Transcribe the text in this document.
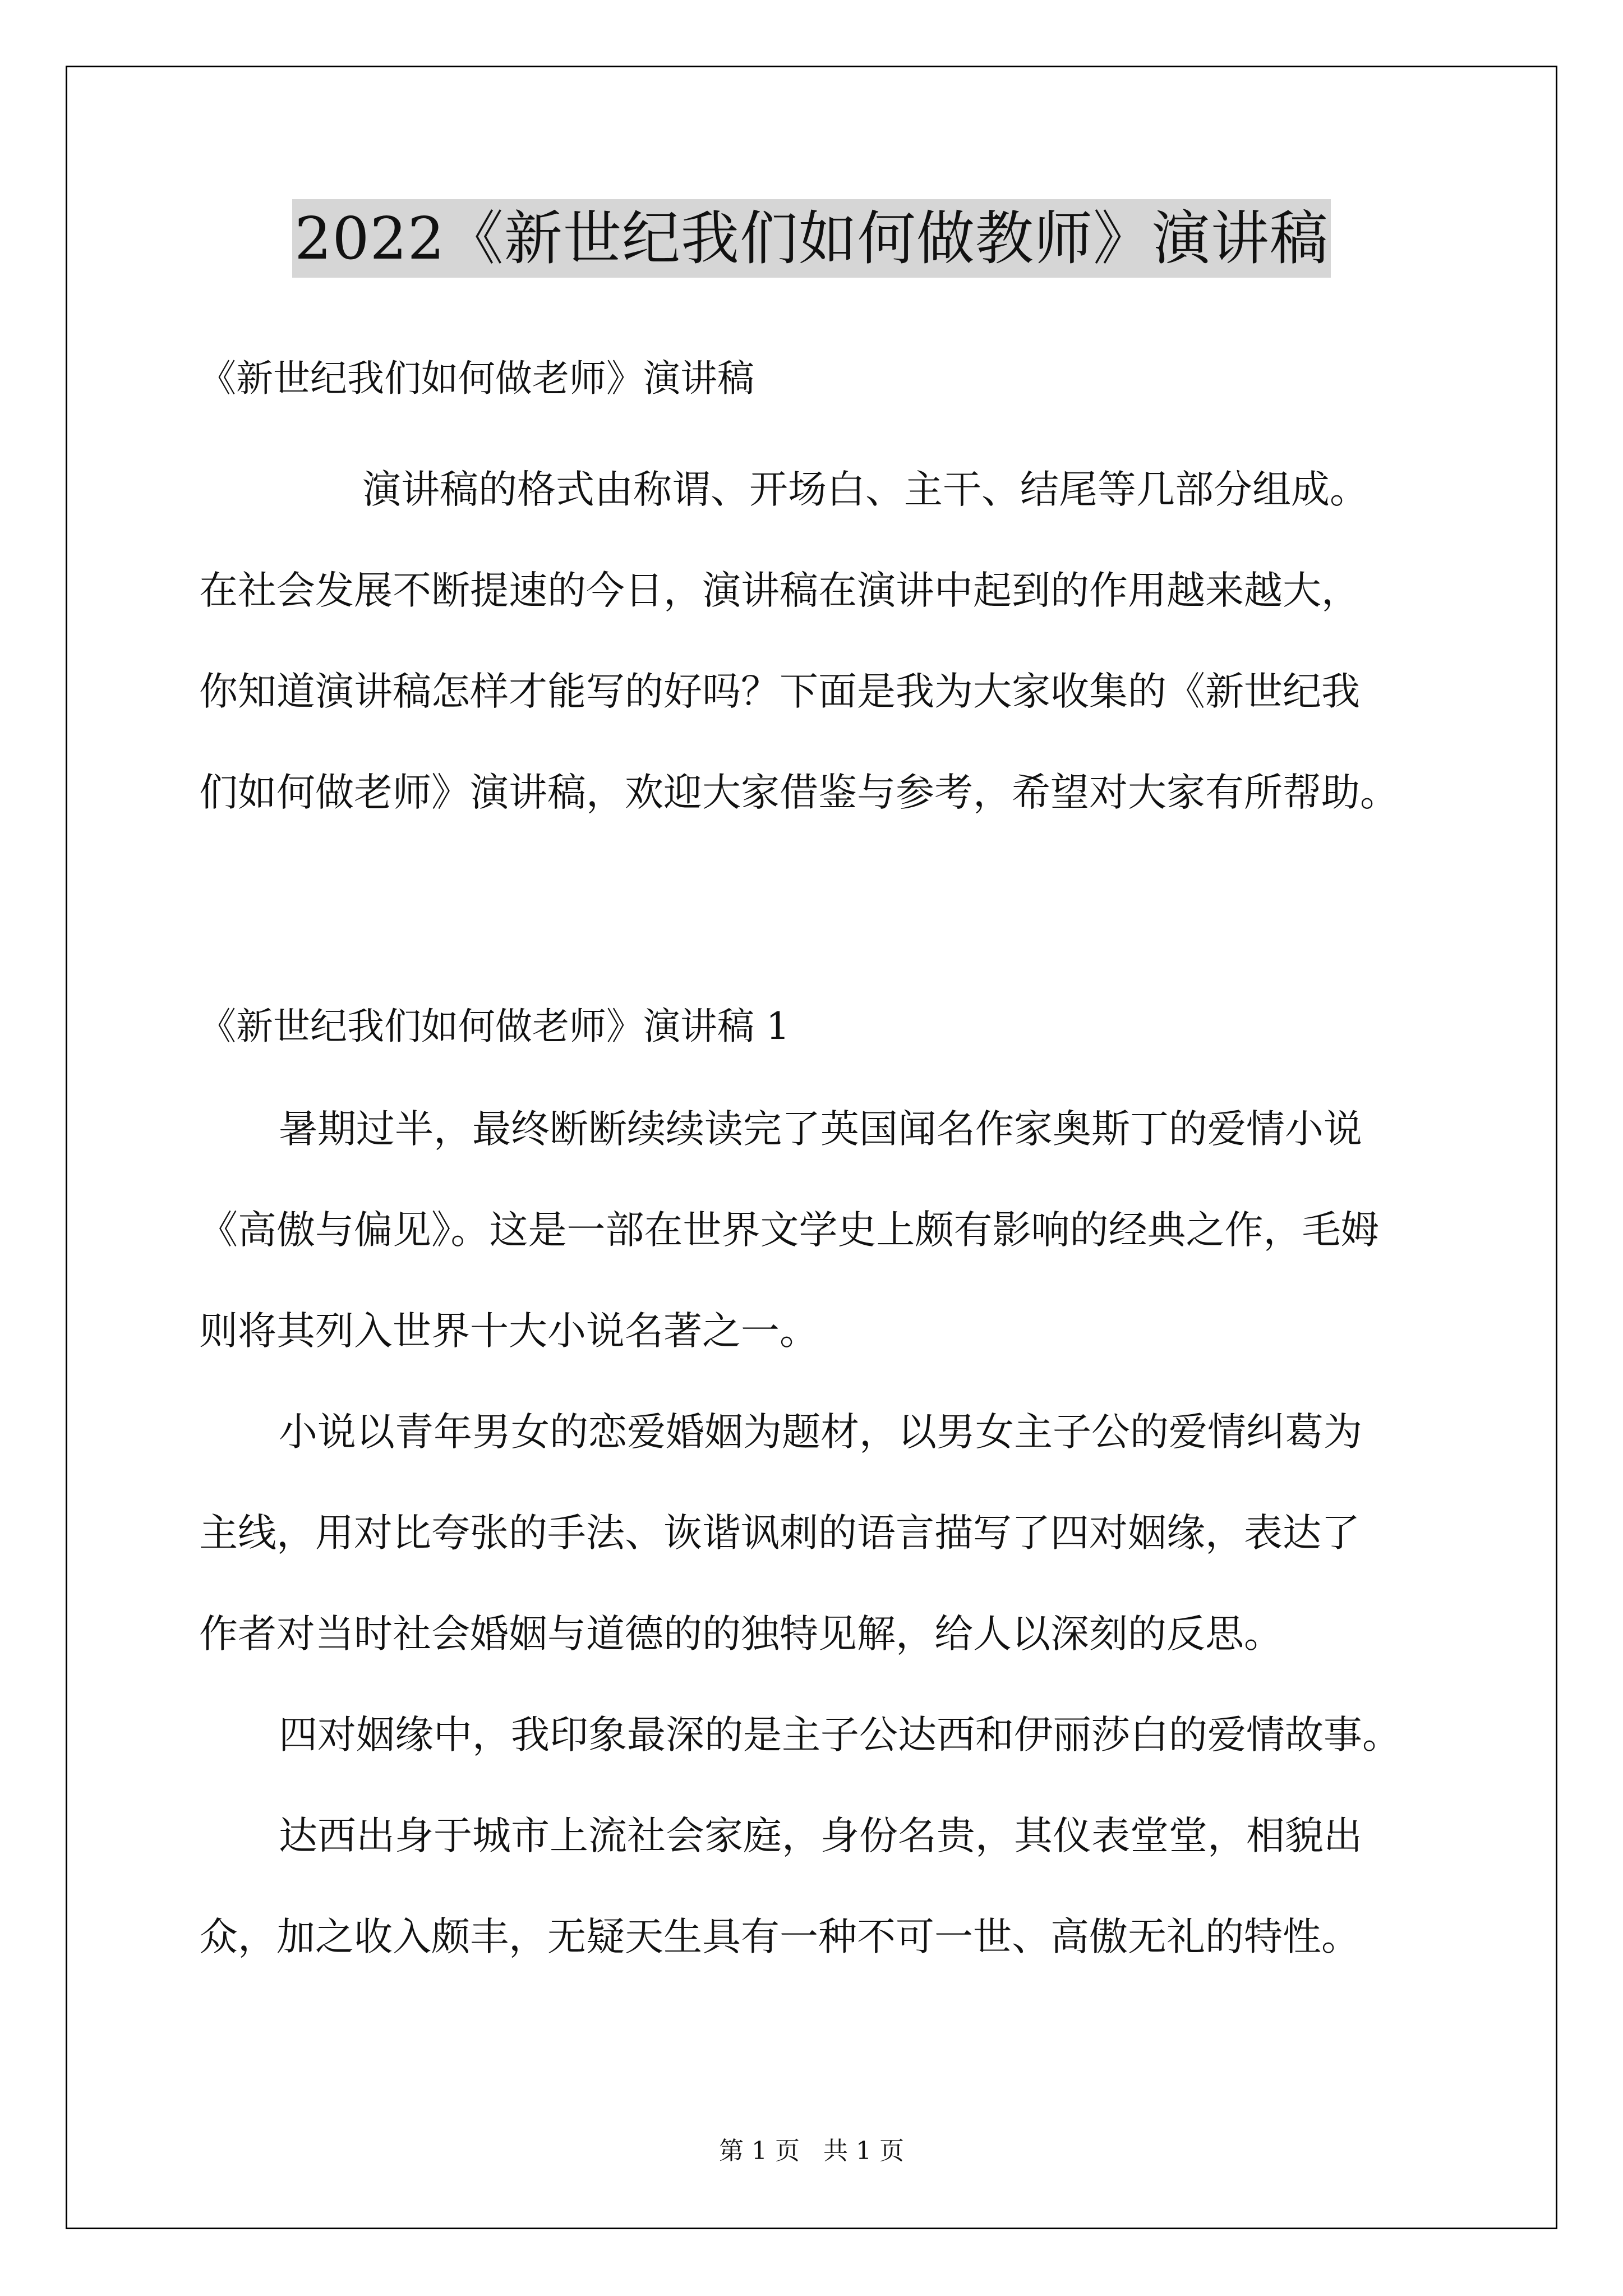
2022《新世纪我们如何做教师》演讲稿
《新世纪我们如何做老师》演讲稿
演讲稿的格式由称谓、开场白、主干、结尾等几部分组成。
在社会发展不断提速的今日，演讲稿在演讲中起到的作用越来越大，
你知道演讲稿怎样才能写的好吗？下面是我为大家收集的《新世纪我
们如何做老师》演讲稿，欢迎大家借鉴与参考，希望对大家有所帮助。
《新世纪我们如何做老师》演讲稿 1
暑期过半，最终断断续续读完了英国闻名作家奥斯丁的爱情小说
《高傲与偏见》。这是一部在世界文学史上颇有影响的经典之作，毛姆
则将其列入世界十大小说名著之一。
小说以青年男女的恋爱婚姻为题材，以男女主子公的爱情纠葛为
主线，用对比夸张的手法、诙谐讽刺的语言描写了四对姻缘，表达了
作者对当时社会婚姻与道德的的独特见解，给人以深刻的反思。
四对姻缘中，我印象最深的是主子公达西和伊丽莎白的爱情故事。
达西出身于城市上流社会家庭，身份名贵，其仪表堂堂，相貌出
众，加之收入颇丰，无疑天生具有一种不可一世、高傲无礼的特性。
第 1 页 共 1 页
